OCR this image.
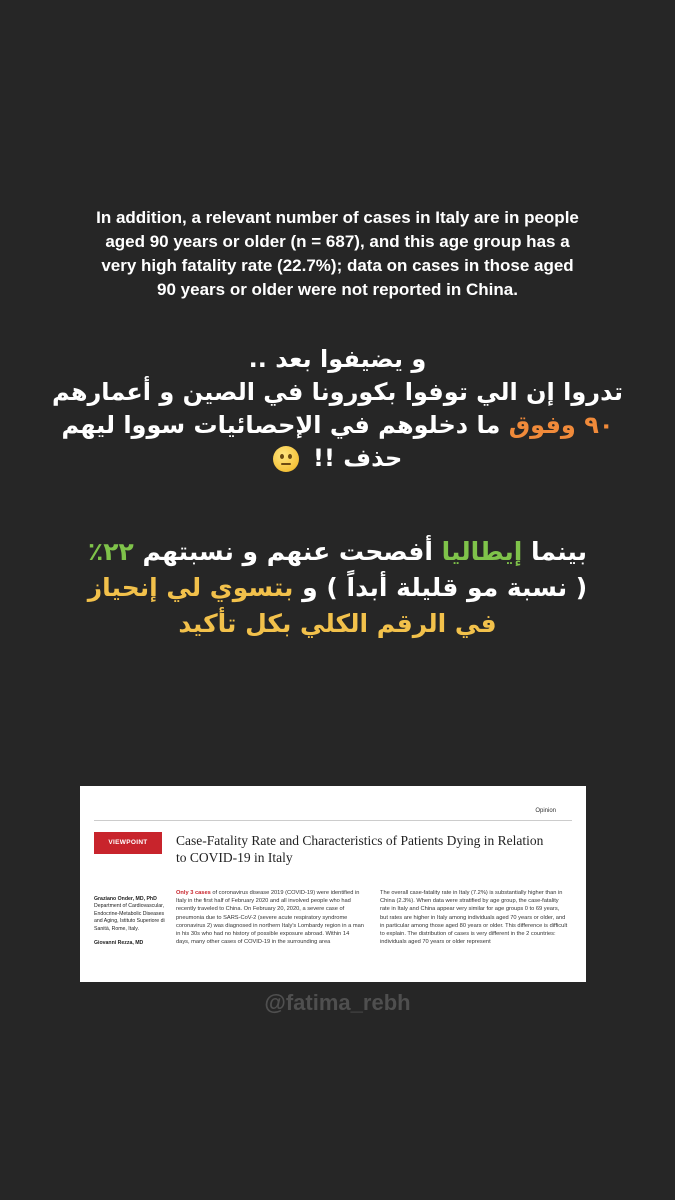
In addition, a relevant number of cases in Italy are in people aged 90 years or older (n = 687), and this age group has a very high fatality rate (22.7%); data on cases in those aged 90 years or older were not reported in China.
و يضيفوا بعد ..
تدروا إن الي توفوا بكورونا في الصين و أعمارهم
٩٠ وفوق ما دخلوهم في الإحصائيات سووا ليهم
حذف !!
بينما إيطاليا أفصحت عنهم و نسبتهم ٢٢٪
( نسبة مو قليلة أبداً ) و بتسوي لي إنحياز
في الرقم الكلي بكل تأكيد
Opinion
VIEWPOINT	Case-Fatality Rate and Characteristics of Patients Dying in Relation to COVID-19 in Italy
Graziano Onder, MD, PhD
Department of Cardiovascular, Endocrine-Metabolic Diseases and Aging, Istituto Superiore di Sanità, Rome, Italy.

Giovanni Rezza, MD
Only 3 cases of coronavirus disease 2019 (COVID-19) were identified in Italy in the first half of February 2020 and all involved people who had recently traveled to China. On February 20, 2020, a severe case of pneumonia due to SARS-CoV-2 (severe acute respiratory syndrome coronavirus 2) was diagnosed in northern Italy's Lombardy region in a man in his 30s who had no history of possible exposure abroad. Within 14 days, many other cases of COVID-19 in the surrounding area
The overall case-fatality rate in Italy (7.2%) is substantially higher than in China (2.3%). When data were stratified by age group, the case-fatality rate in Italy and China appear very similar for age groups 0 to 69 years, but rates are higher in Italy among individuals aged 70 years or older, and in particular among those aged 80 years or older. This difference is difficult to explain. The distribution of cases is very different in the 2 countries: individuals aged 70 years or older represent
@fatima_rebh
